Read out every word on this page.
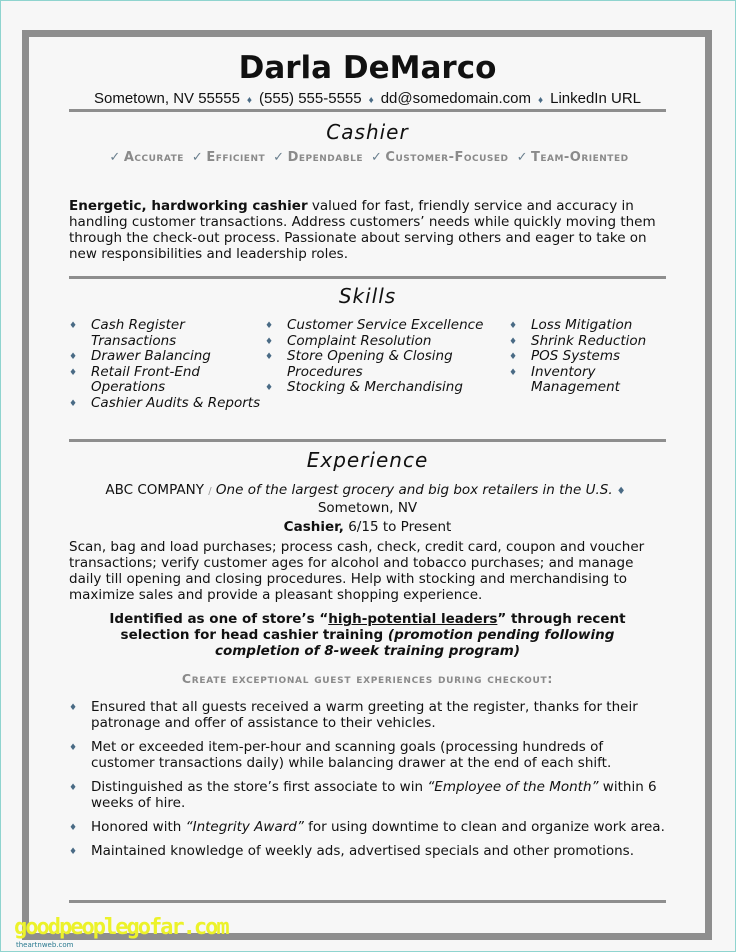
Darla DeMarco
Sometown, NV 55555 ♦ (555) 555-5555 ♦ dd@somedomain.com ♦ LinkedIn URL
Cashier
✓ Accurate ✓ Efficient ✓ Dependable ✓ Customer-Focused ✓ Team-Oriented
Energetic, hardworking cashier valued for fast, friendly service and accuracy in handling customer transactions. Address customers’ needs while quickly moving them through the check-out process. Passionate about serving others and eager to take on new responsibilities and leadership roles.
Skills
♦ Cash Register Transactions
♦ Drawer Balancing
♦ Retail Front-End Operations
♦ Cashier Audits & Reports
♦ Customer Service Excellence
♦ Complaint Resolution
♦ Store Opening & Closing Procedures
♦ Stocking & Merchandising
♦ Loss Mitigation
♦ Shrink Reduction
♦ POS Systems
♦ Inventory Management
Experience
ABC COMPANY / One of the largest grocery and big box retailers in the U.S. ♦
Sometown, NV
Cashier, 6/15 to Present
Scan, bag and load purchases; process cash, check, credit card, coupon and voucher transactions; verify customer ages for alcohol and tobacco purchases; and manage daily till opening and closing procedures. Help with stocking and merchandising to maximize sales and provide a pleasant shopping experience.
Identified as one of store’s “high-potential leaders” through recent selection for head cashier training (promotion pending following completion of 8-week training program)
Create exceptional guest experiences during checkout:
♦ Ensured that all guests received a warm greeting at the register, thanks for their patronage and offer of assistance to their vehicles.
♦ Met or exceeded item-per-hour and scanning goals (processing hundreds of customer transactions daily) while balancing drawer at the end of each shift.
♦ Distinguished as the store’s first associate to win “Employee of the Month” within 6 weeks of hire.
♦ Honored with “Integrity Award” for using downtime to clean and organize work area.
♦ Maintained knowledge of weekly ads, advertised specials and other promotions.
goodpeoplegofar.com
theartnweb.com
